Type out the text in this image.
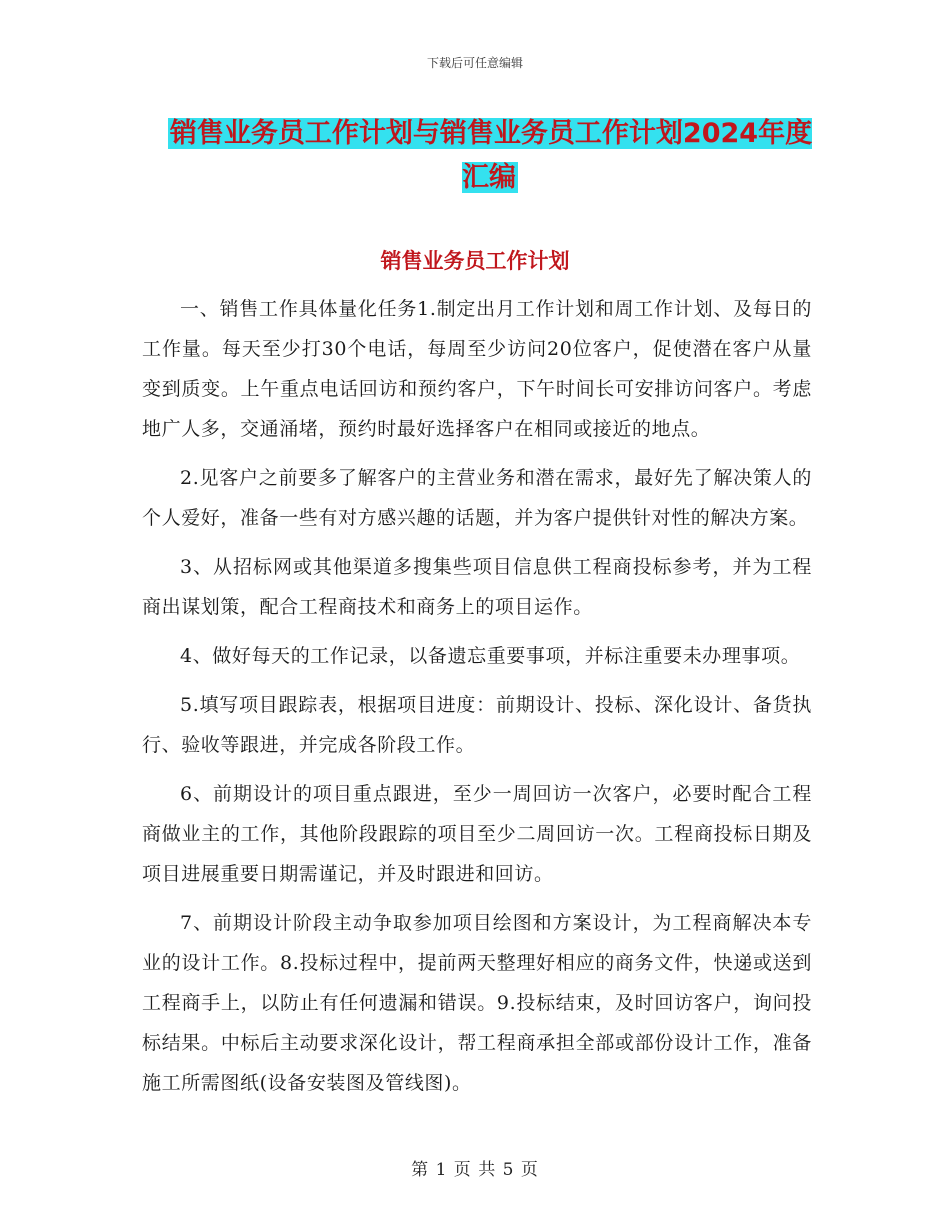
下载后可任意编辑
销售业务员工作计划与销售业务员工作计划2024年度汇编
销售业务员工作计划

一、销售工作具体量化任务1.制定出月工作计划和周工作计划、及每日的工作量。每天至少打30个电话，每周至少访问20位客户，促使潜在客户从量变到质变。上午重点电话回访和预约客户，下午时间长可安排访问客户。考虑地广人多，交通涌堵，预约时最好选择客户在相同或接近的地点。

2.见客户之前要多了解客户的主营业务和潜在需求，最好先了解决策人的个人爱好，准备一些有对方感兴趣的话题，并为客户提供针对性的解决方案。

3、从招标网或其他渠道多搜集些项目信息供工程商投标参考，并为工程商出谋划策，配合工程商技术和商务上的项目运作。

4、做好每天的工作记录，以备遗忘重要事项，并标注重要未办理事项。

5.填写项目跟踪表，根据项目进度：前期设计、投标、深化设计、备货执行、验收等跟进，并完成各阶段工作。

6、前期设计的项目重点跟进，至少一周回访一次客户，必要时配合工程商做业主的工作，其他阶段跟踪的项目至少二周回访一次。工程商投标日期及项目进展重要日期需谨记，并及时跟进和回访。

7、前期设计阶段主动争取参加项目绘图和方案设计，为工程商解决本专业的设计工作。8.投标过程中，提前两天整理好相应的商务文件，快递或送到工程商手上，以防止有任何遗漏和错误。9.投标结束，及时回访客户，询问投标结果。中标后主动要求深化设计，帮工程商承担全部或部份设计工作，准备施工所需图纸(设备安装图及管线图)。

第 1 页 共 5 页
